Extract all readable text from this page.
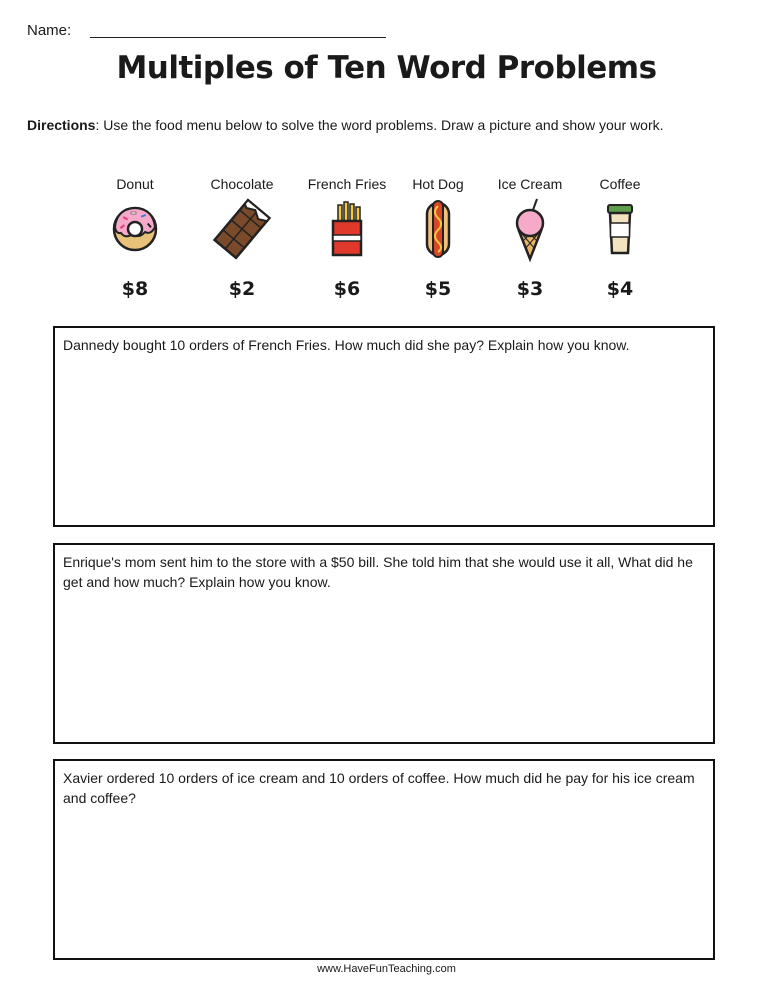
Name:
Multiples of Ten Word Problems
Directions: Use the food menu below to solve the word problems. Draw a picture and show your work.
Donut
$8
Chocolate
$2
French Fries
$6
Hot Dog
$5
Ice Cream
$3
Coffee
$4
Dannedy bought 10 orders of French Fries. How much did she pay? Explain how you know.
Enrique's mom sent him to the store with a $50 bill. She told him that she would use it all, What did he get and how much? Explain how you know.
Xavier ordered 10 orders of ice cream and 10 orders of coffee. How much did he pay for his ice cream and coffee?
www.HaveFunTeaching.com
